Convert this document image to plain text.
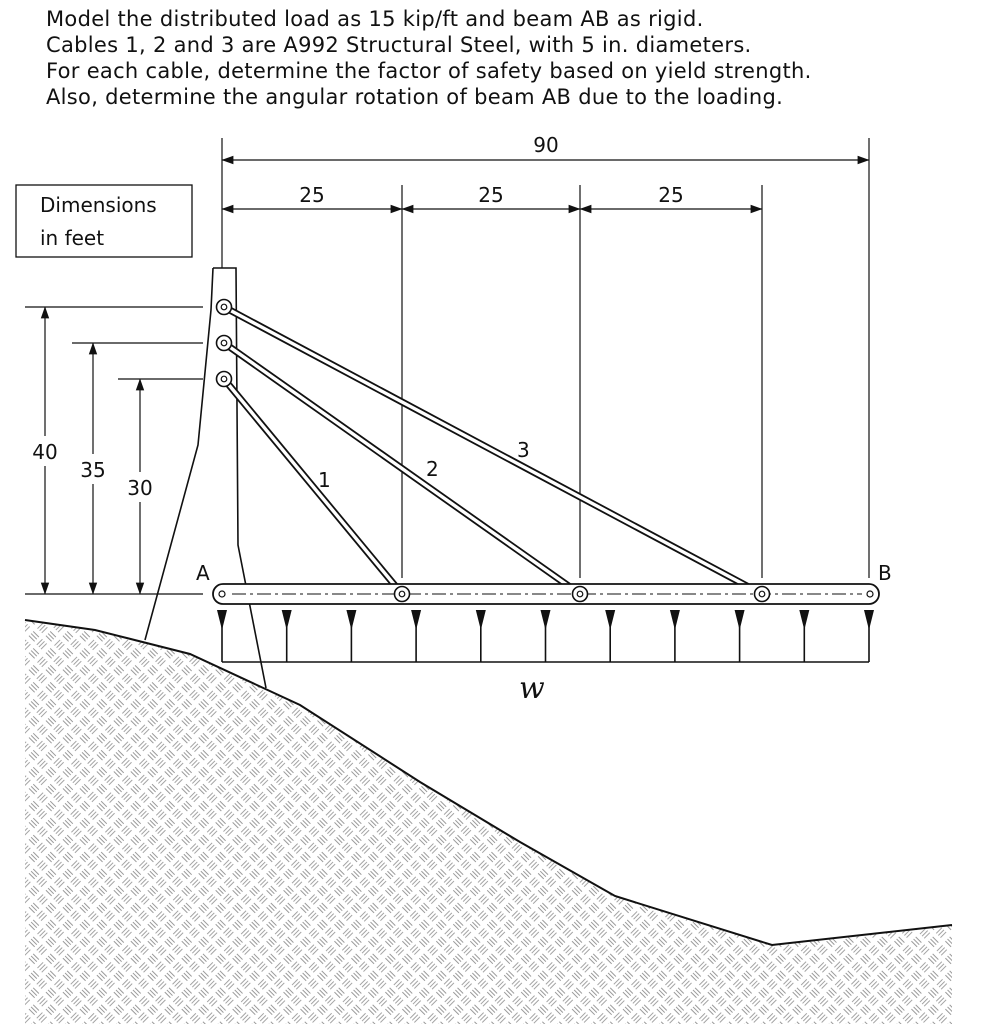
Model the distributed load as 15 kip/ft and beam AB as rigid.
Cables 1, 2 and 3 are A992 Structural Steel, with 5 in. diameters.
For each cable, determine the factor of safety based on yield strength.
Also, determine the angular rotation of beam AB due to the loading.
Dimensions
in feet
90
25	25	25
40
35
30
A	B
1	2
3
w
